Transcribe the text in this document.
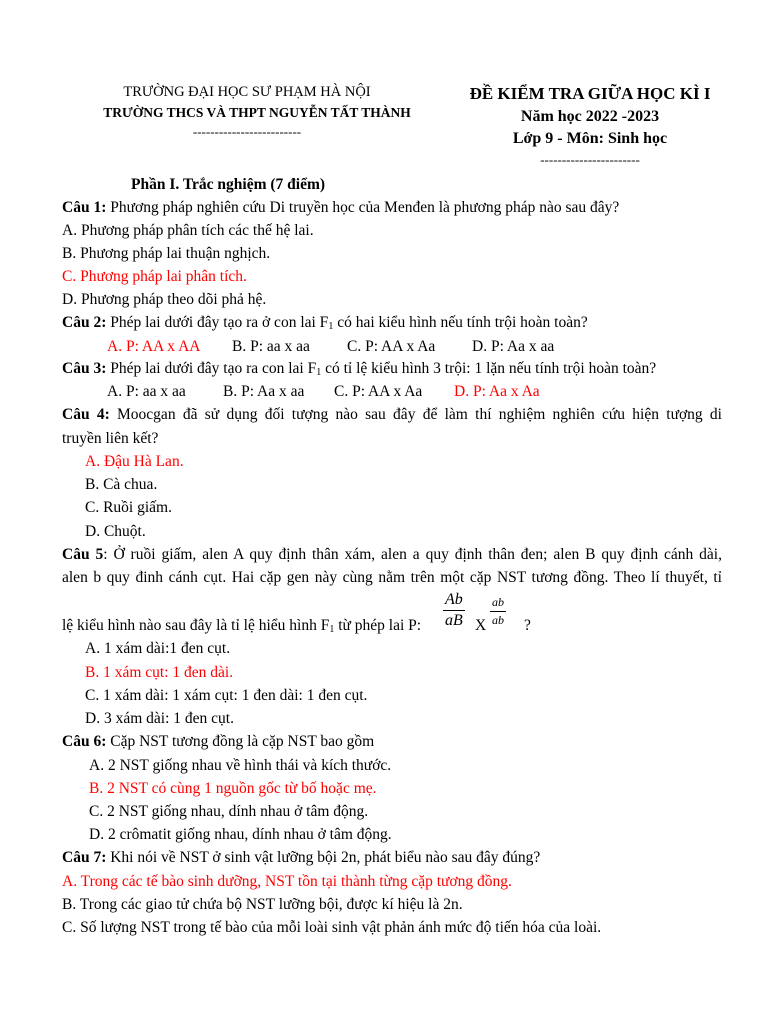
TRƯỜNG ĐẠI HỌC SƯ PHẠM HÀ NỘI
TRƯỜNG THCS VÀ THPT NGUYỄN TẤT THÀNH
-------------------------
ĐỀ KIỂM TRA GIỮA HỌC KÌ I
Năm học 2022 -2023
Lớp 9 - Môn: Sinh học
-----------------------
Phần I. Trắc nghiệm (7 điểm)
Câu 1: Phương pháp nghiên cứu Di truyền học của Menđen là phương pháp nào sau đây?
A. Phương pháp phân tích các thế hệ lai.
B. Phương pháp lai thuận nghịch.
C. Phương pháp lai phân tích.
D. Phương pháp theo dõi phả hệ.
Câu 2: Phép lai dưới đây tạo ra ở con lai $F_1$ có hai kiểu hình nếu tính trội hoàn toàn?
A. P: AA x AA B. P: aa x aa C. P: AA x Aa D. P: Aa x aa
Câu 3: Phép lai dưới đây tạo ra con lai $F_1$ có tỉ lệ kiểu hình 3 trội: 1 lặn nếu tính trội hoàn toàn?
A. P: aa x aa B. P: Aa x aa C. P: AA x Aa D. P: Aa x Aa
Câu 4: Moocgan đã sử dụng đối tượng nào sau đây để làm thí nghiệm nghiên cứu hiện tượng di
truyền liên kết?
A. Đậu Hà Lan.
B. Cà chua.
C. Ruồi giấm.
D. Chuột.
Câu 5: Ở ruồi giấm, alen A quy định thân xám, alen a quy định thân đen; alen B quy định cánh dài,
alen b quy đinh cánh cụt. Hai cặp gen này cùng nằm trên một cặp NST tương đồng. Theo lí thuyết, tỉ
lệ kiểu hình nào sau đây là tỉ lệ hiểu hình $F_1$ từ phép lai P: $\frac{Ab}{aB}$ X $\frac{ab}{ab}$ ?
A. 1 xám dài:1 đen cụt.
B. 1 xám cụt: 1 đen dài.
C. 1 xám dài: 1 xám cụt: 1 đen dài: 1 đen cụt.
D. 3 xám dài: 1 đen cụt.
Câu 6: Cặp NST tương đồng là cặp NST bao gồm
A. 2 NST giống nhau về hình thái và kích thước.
B. 2 NST có cùng 1 nguồn gốc từ bố hoặc mẹ.
C. 2 NST giống nhau, dính nhau ở tâm động.
D. 2 crômatit giống nhau, dính nhau ở tâm động.
Câu 7: Khi nói về NST ở sinh vật lưỡng bội 2n, phát biểu nào sau đây đúng?
A. Trong các tế bào sinh dưỡng, NST tồn tại thành từng cặp tương đồng.
B. Trong các giao tử chứa bộ NST lưỡng bội, được kí hiệu là 2n.
C. Số lượng NST trong tế bào của mỗi loài sinh vật phản ánh mức độ tiến hóa của loài.
